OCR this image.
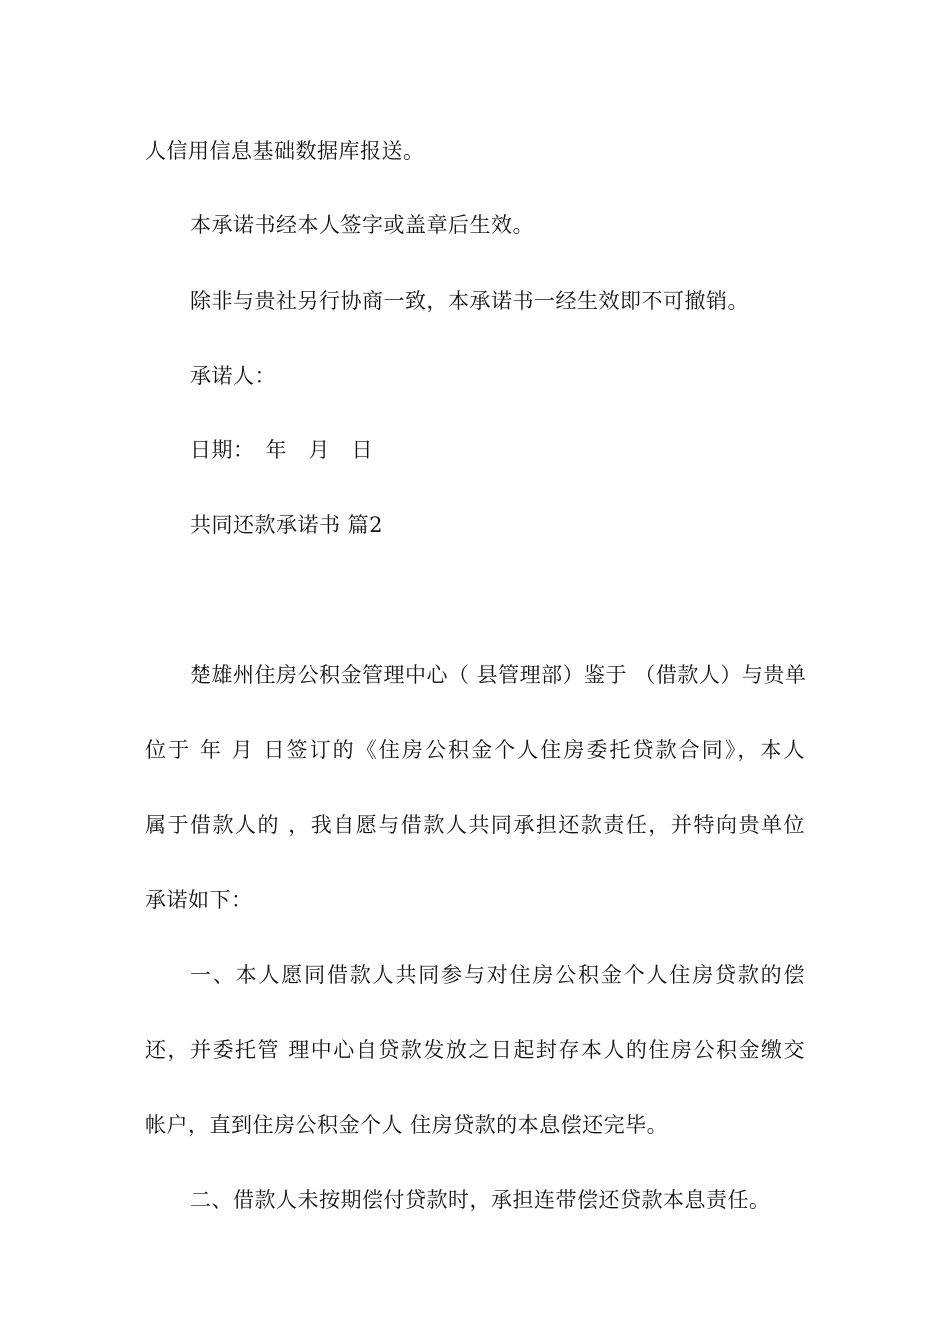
人信用信息基础数据库报送。

本承诺书经本人签字或盖章后生效。

除非与贵社另行协商一致，本承诺书一经生效即不可撤销。

承诺人：

日期：　年　月　日

共同还款承诺书 篇2

楚雄州住房公积金管理中心（ 县管理部）鉴于 （借款人）与贵单

位于 年 月 日签订的《住房公积金个人住房委托贷款合同》，本人

属于借款人的 ，我自愿与借款人共同承担还款责任，并特向贵单位

承诺如下：

一、本人愿同借款人共同参与对住房公积金个人住房贷款的偿

还，并委托管 理中心自贷款发放之日起封存本人的住房公积金缴交

帐户，直到住房公积金个人 住房贷款的本息偿还完毕。

二、借款人未按期偿付贷款时，承担连带偿还贷款本息责任。
